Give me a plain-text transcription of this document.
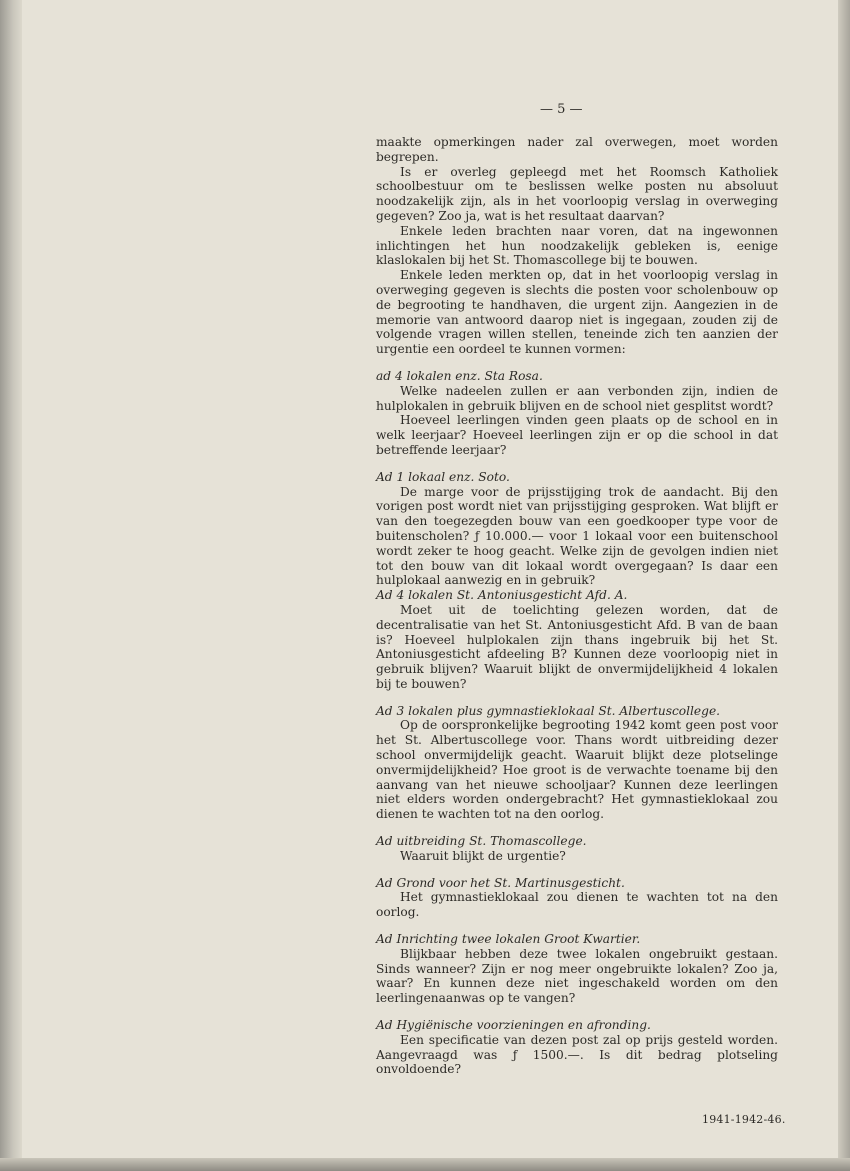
— 5 —

maakte opmerkingen nader zal overwegen, moet worden begrepen.

Is er overleg gepleegd met het Roomsch Katholiek schoolbestuur om te beslissen welke posten nu absoluut noodzakelijk zijn, als in het voorloopig verslag in overweging gegeven? Zoo ja, wat is het resultaat daarvan?

Enkele leden brachten naar voren, dat na ingewonnen inlichtingen het hun noodzakelijk gebleken is, eenige klaslokalen bij het St. Thomascollege bij te bouwen.

Enkele leden merkten op, dat in het voorloopig verslag in overweging gegeven is slechts die posten voor scholenbouw op de begrooting te handhaven, die urgent zijn. Aangezien in de memorie van antwoord daarop niet is ingegaan, zouden zij de volgende vragen willen stellen, teneinde zich ten aanzien der urgentie een oordeel te kunnen vormen:

ad 4 lokalen enz. Sta Rosa.

Welke nadeelen zullen er aan verbonden zijn, indien de hulplokalen in gebruik blijven en de school niet gesplitst wordt?

Hoeveel leerlingen vinden geen plaats op de school en in welk leerjaar? Hoeveel leerlingen zijn er op die school in dat betreffende leerjaar?

Ad 1 lokaal enz. Soto.

De marge voor de prijsstijging trok de aandacht. Bij den vorigen post wordt niet van prijsstijging gesproken. Wat blijft er van den toegezegden bouw van een goedkooper type voor de buitenscholen? ƒ 10.000.— voor 1 lokaal voor een buitenschool wordt zeker te hoog geacht. Welke zijn de gevolgen indien niet tot den bouw van dit lokaal wordt overgegaan? Is daar een hulplokaal aanwezig en in gebruik?

Ad 4 lokalen St. Antoniusgesticht Afd. A.

Moet uit de toelichting gelezen worden, dat de decentralisatie van het St. Antoniusgesticht Afd. B van de baan is? Hoeveel hulplokalen zijn thans ingebruik bij het St. Antoniusgesticht afdeeling B? Kunnen deze voorloopig niet in gebruik blijven? Waaruit blijkt de onvermijdelijkheid 4 lokalen bij te bouwen?

Ad 3 lokalen plus gymnastieklokaal St. Albertuscollege.

Op de oorspronkelijke begrooting 1942 komt geen post voor het St. Albertuscollege voor. Thans wordt uitbreiding dezer school onvermijdelijk geacht. Waaruit blijkt deze plotselinge onvermijdelijkheid? Hoe groot is de verwachte toename bij den aanvang van het nieuwe schooljaar? Kunnen deze leerlingen niet elders worden ondergebracht? Het gymnastieklokaal zou dienen te wachten tot na den oorlog.

Ad uitbreiding St. Thomascollege.

Waaruit blijkt de urgentie?

Ad Grond voor het St. Martinusgesticht.

Het gymnastieklokaal zou dienen te wachten tot na den oorlog.

Ad Inrichting twee lokalen Groot Kwartier.

Blijkbaar hebben deze twee lokalen ongebruikt gestaan. Sinds wanneer? Zijn er nog meer ongebruikte lokalen? Zoo ja, waar? En kunnen deze niet ingeschakeld worden om den leerlingenaanwas op te vangen?

Ad Hygiënische voorzieningen en afronding.

Een specificatie van dezen post zal op prijs gesteld worden. Aangevraagd was ƒ 1500.—. Is dit bedrag plotseling onvoldoende?

1941-1942-46.
